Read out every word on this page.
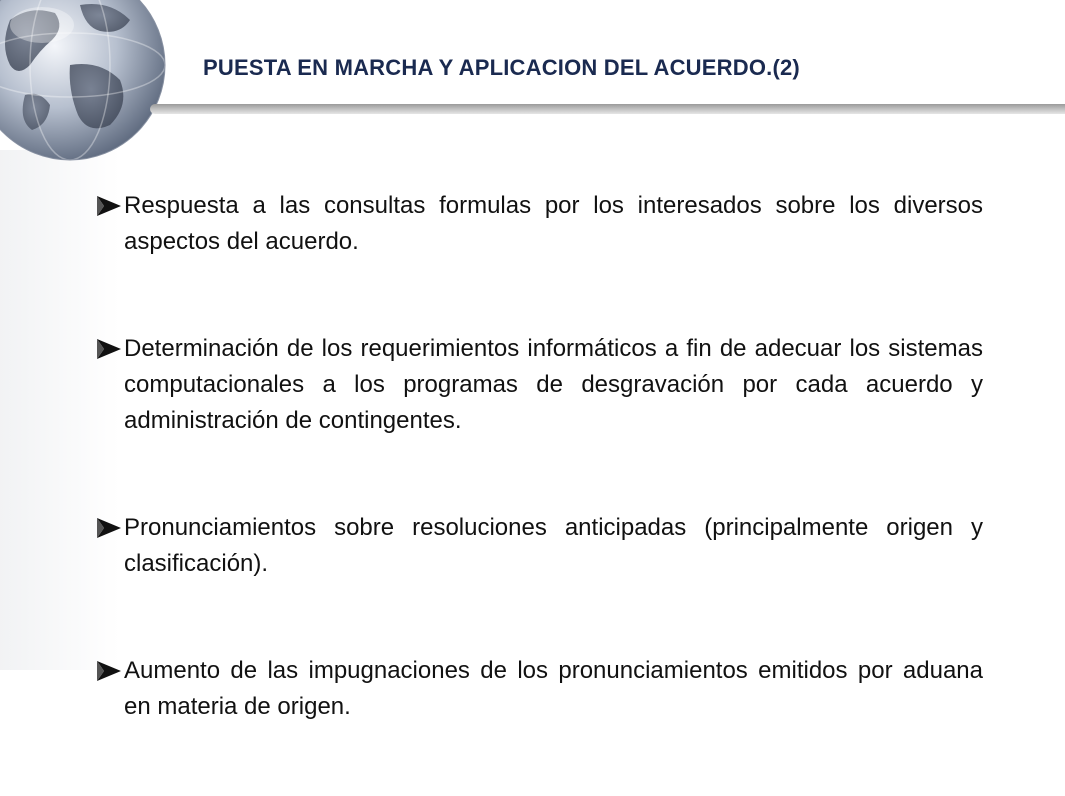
PUESTA EN MARCHA Y APLICACION DEL ACUERDO.(2)
Respuesta a las consultas formulas por los interesados sobre los diversos aspectos del acuerdo.
Determinación de los requerimientos informáticos a fin de adecuar los sistemas computacionales a los programas de desgravación por cada acuerdo y administración de contingentes.
Pronunciamientos sobre resoluciones anticipadas (principalmente origen y clasificación).
Aumento de las impugnaciones de los pronunciamientos emitidos por aduana en materia de origen.
